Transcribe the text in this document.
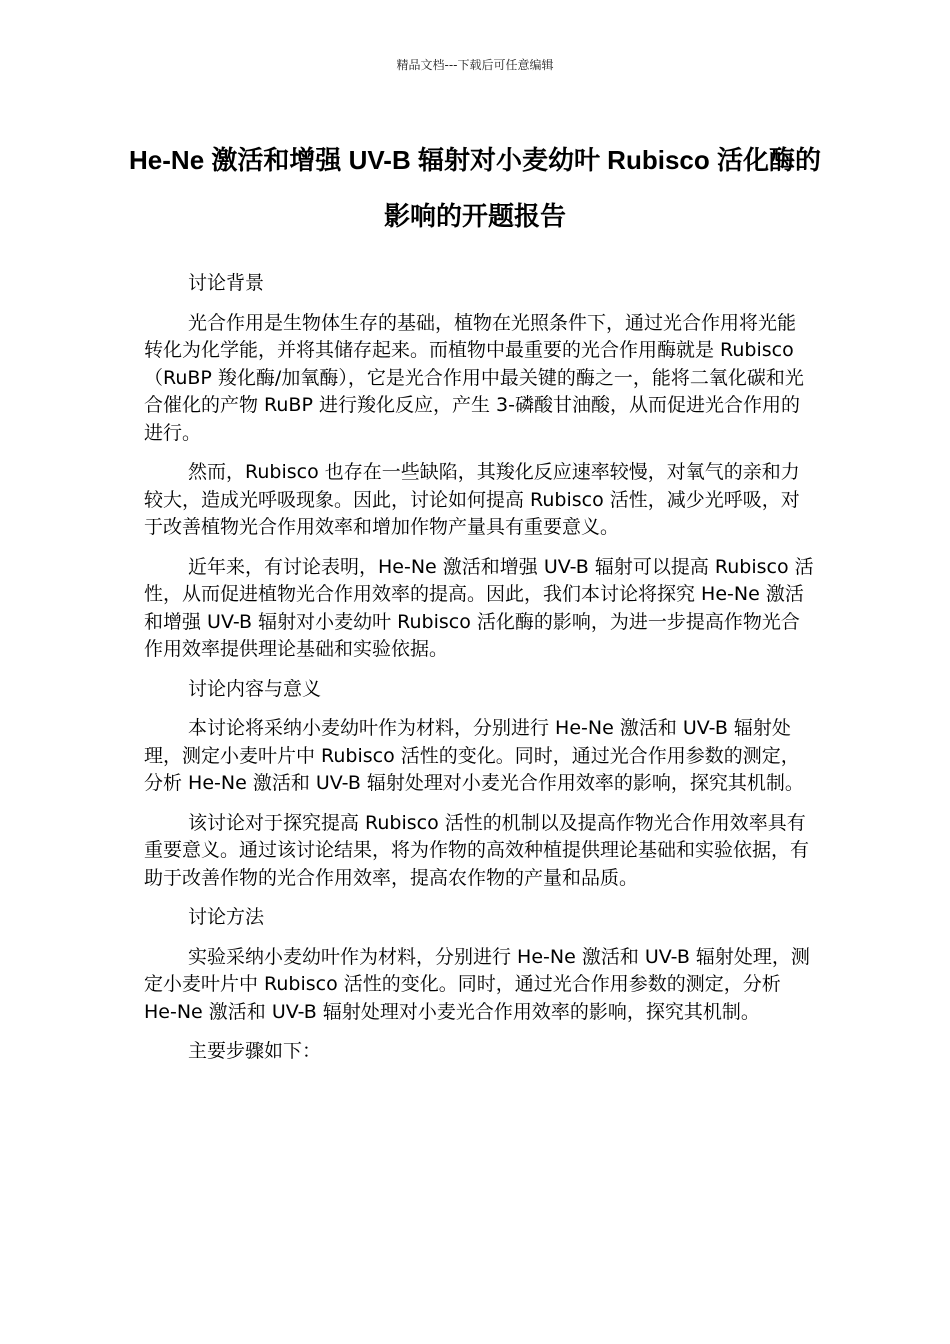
精品文档---下载后可任意编辑
He-Ne 激活和增强 UV-B 辐射对小麦幼叶 Rubisco 活化酶的影响的开题报告

讨论背景

光合作用是生物体生存的基础，植物在光照条件下，通过光合作用将光能转化为化学能，并将其储存起来。而植物中最重要的光合作用酶就是 Rubisco（RuBP 羧化酶/加氧酶），它是光合作用中最关键的酶之一，能将二氧化碳和光合催化的产物 RuBP 进行羧化反应，产生 3-磷酸甘油酸，从而促进光合作用的进行。

然而，Rubisco 也存在一些缺陷，其羧化反应速率较慢，对氧气的亲和力较大，造成光呼吸现象。因此，讨论如何提高 Rubisco 活性，减少光呼吸，对于改善植物光合作用效率和增加作物产量具有重要意义。

近年来，有讨论表明，He-Ne 激活和增强 UV-B 辐射可以提高 Rubisco 活性，从而促进植物光合作用效率的提高。因此，我们本讨论将探究 He-Ne 激活和增强 UV-B 辐射对小麦幼叶 Rubisco 活化酶的影响，为进一步提高作物光合作用效率提供理论基础和实验依据。

讨论内容与意义

本讨论将采纳小麦幼叶作为材料，分别进行 He-Ne 激活和 UV-B 辐射处理，测定小麦叶片中 Rubisco 活性的变化。同时，通过光合作用参数的测定，分析 He-Ne 激活和 UV-B 辐射处理对小麦光合作用效率的影响，探究其机制。

该讨论对于探究提高 Rubisco 活性的机制以及提高作物光合作用效率具有重要意义。通过该讨论结果，将为作物的高效种植提供理论基础和实验依据，有助于改善作物的光合作用效率，提高农作物的产量和品质。

讨论方法

实验采纳小麦幼叶作为材料，分别进行 He-Ne 激活和 UV-B 辐射处理，测定小麦叶片中 Rubisco 活性的变化。同时，通过光合作用参数的测定，分析 He-Ne 激活和 UV-B 辐射处理对小麦光合作用效率的影响，探究其机制。

主要步骤如下：
